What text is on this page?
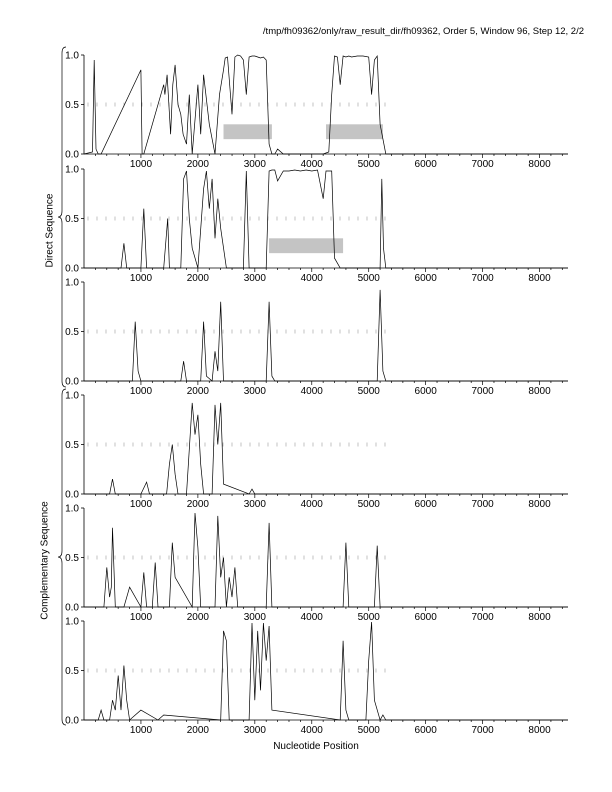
/tmp/fh09362/only/raw_result_dir/fh09362, Order 5, Window 96, Step 12, 2/2
0.0
0.5
1.0
1000	2000	3000	4000	5000	6000	7000	8000
0.0
0.5
1.0
1000	2000	3000	4000	5000	6000	7000	8000
0.0
0.5
1.0
1000	2000	3000	4000	5000	6000	7000	8000
0.0
0.5
1.0
1000	2000	3000	4000	5000	6000	7000	8000
0.0
0.5
1.0
1000	2000	3000	4000	5000	6000	7000	8000
0.0
0.5
1.0
1000	2000	3000	4000	5000	6000	7000	8000
Direct Sequence
Complementary Sequence
Nucleotide Position
